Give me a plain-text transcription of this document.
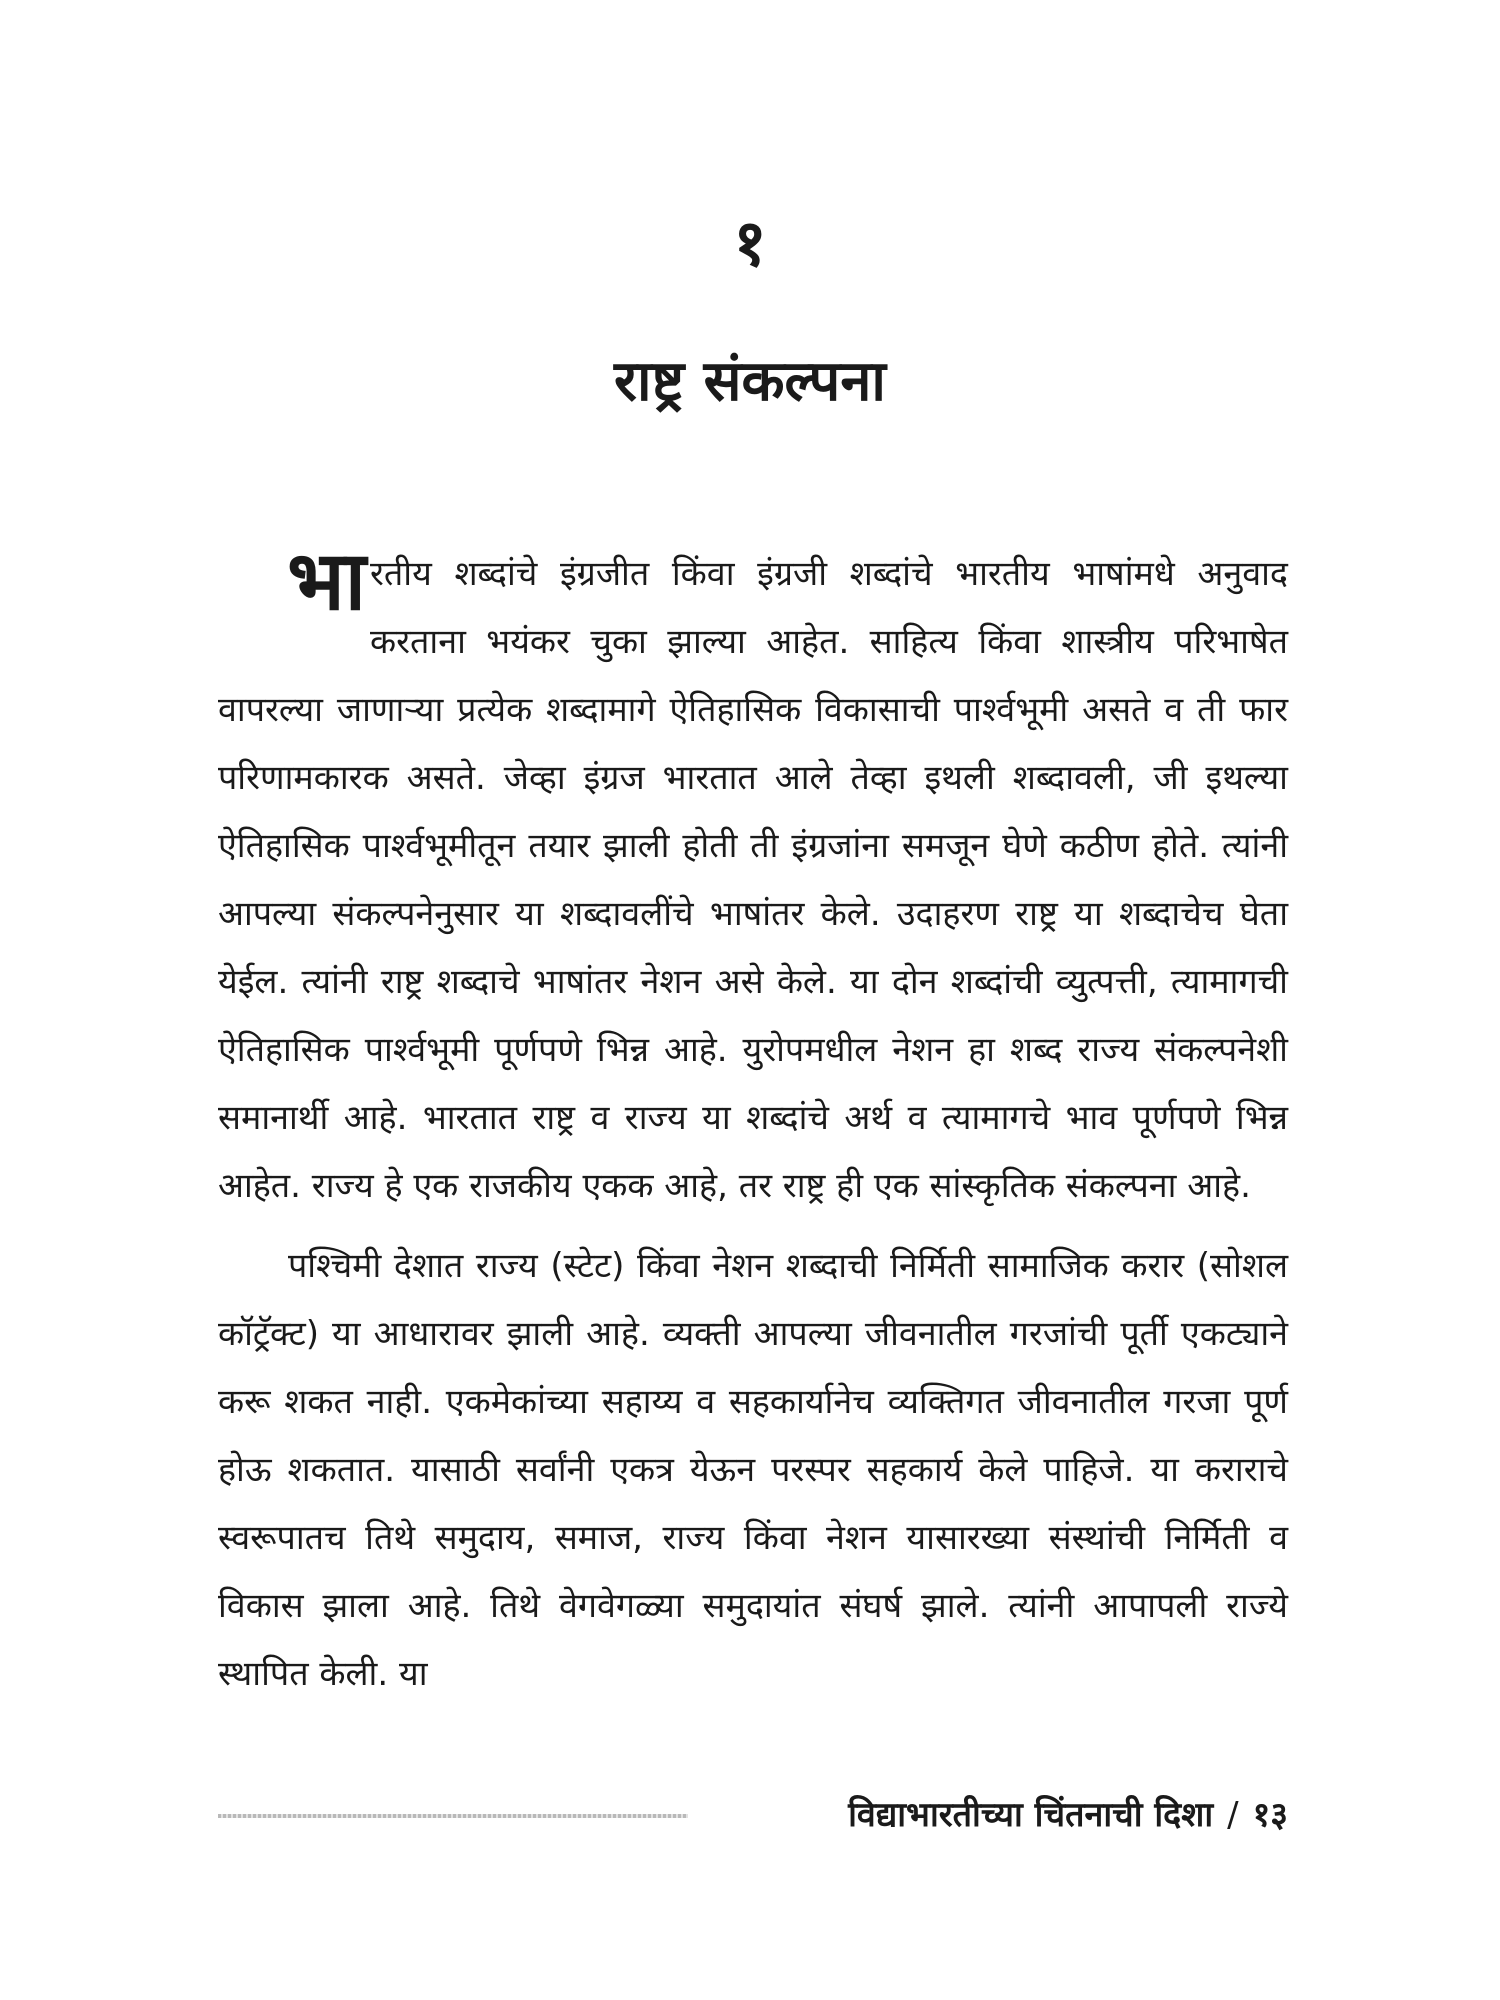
१
राष्ट्र संकल्पना

भा रतीय शब्दांचे इंग्रजीत किंवा इंग्रजी शब्दांचे भारतीय भाषांमधे अनुवाद करताना भयंकर चुका झाल्या आहेत. साहित्य किंवा शास्त्रीय परिभाषेत वापरल्या जाणाऱ्या प्रत्येक शब्दामागे ऐतिहासिक विकासाची पार्श्वभूमी असते व ती फार परिणामकारक असते. जेव्हा इंग्रज भारतात आले तेव्हा इथली शब्दावली, जी इथल्या ऐतिहासिक पार्श्वभूमीतून तयार झाली होती ती इंग्रजांना समजून घेणे कठीण होते. त्यांनी आपल्या संकल्पनेनुसार या शब्दावलींचे भाषांतर केले. उदाहरण राष्ट्र या शब्दाचेच घेता येईल. त्यांनी राष्ट्र शब्दाचे भाषांतर नेशन असे केले. या दोन शब्दांची व्युत्पत्ती, त्यामागची ऐतिहासिक पार्श्वभूमी पूर्णपणे भिन्न आहे. युरोपमधील नेशन हा शब्द राज्य संकल्पनेशी समानार्थी आहे. भारतात राष्ट्र व राज्य या शब्दांचे अर्थ व त्यामागचे भाव पूर्णपणे भिन्न आहेत. राज्य हे एक राजकीय एकक आहे, तर राष्ट्र ही एक सांस्कृतिक संकल्पना आहे.

पश्चिमी देशात राज्य (स्टेट) किंवा नेशन शब्दाची निर्मिती सामाजिक करार (सोशल कॉट्रॅक्ट) या आधारावर झाली आहे. व्यक्ती आपल्या जीवनातील गरजांची पूर्ती एकट्याने करू शकत नाही. एकमेकांच्या सहाय्य व सहकार्यानेच व्यक्तिगत जीवनातील गरजा पूर्ण होऊ शकतात. यासाठी सर्वांनी एकत्र येऊन परस्पर सहकार्य केले पाहिजे. या कराराचे स्वरूपातच तिथे समुदाय, समाज, राज्य किंवा नेशन यासारख्या संस्थांची निर्मिती व विकास झाला आहे. तिथे वेगवेगळ्या समुदायांत संघर्ष झाले. त्यांनी आपापली राज्ये स्थापित केली. या

विद्याभारतीच्या चिंतनाची दिशा / १३
